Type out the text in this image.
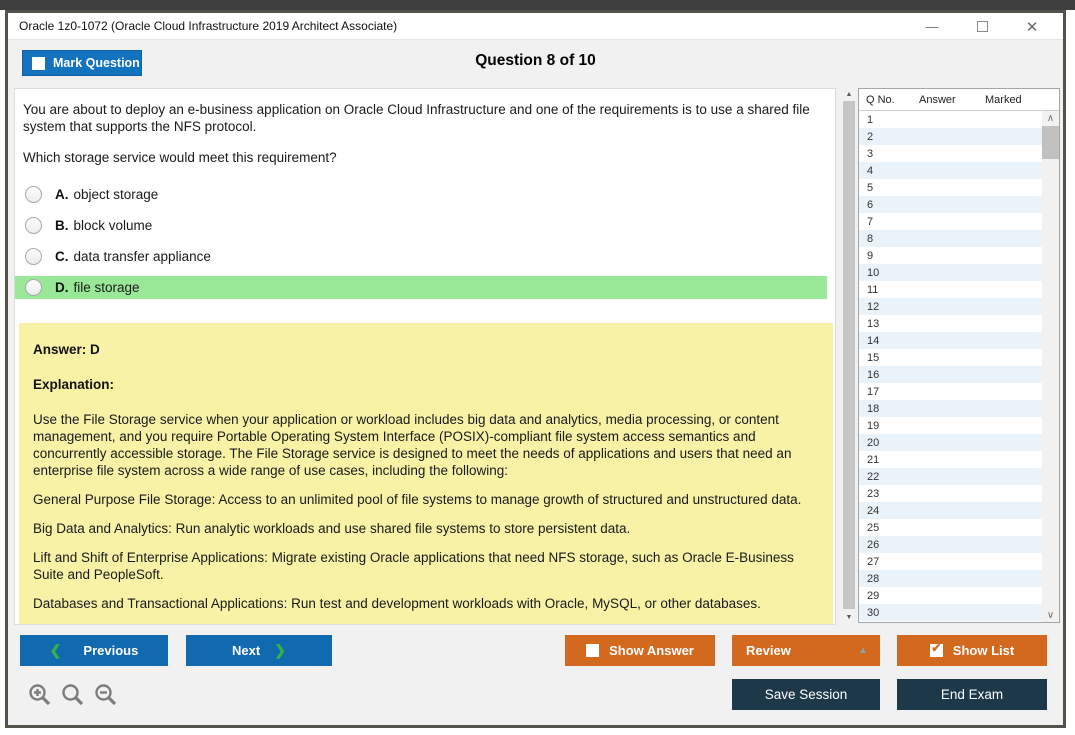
Oracle 1z0-1072 (Oracle Cloud Infrastructure 2019 Architect Associate)	—	✕
Question 8 of 10
Mark Question
You are about to deploy an e-business application on Oracle Cloud Infrastructure and one of the requirements is to use a shared file system that supports the NFS protocol.
Which storage service would meet this requirement?
A. object storage
B. block volume
C. data transfer appliance
D. file storage
Answer: D
Explanation:

Use the File Storage service when your application or workload includes big data and analytics, media processing, or content management, and you require Portable Operating System Interface (POSIX)-compliant file system access semantics and concurrently accessible storage. The File Storage service is designed to meet the needs of applications and users that need an enterprise file system across a wide range of use cases, including the following:

General Purpose File Storage: Access to an unlimited pool of file systems to manage growth of structured and unstructured data.

Big Data and Analytics: Run analytic workloads and use shared file systems to store persistent data.

Lift and Shift of Enterprise Applications: Migrate existing Oracle applications that need NFS storage, such as Oracle E-Business Suite and PeopleSoft.

Databases and Transactional Applications: Run test and development workloads with Oracle, MySQL, or other databases.

▲
▼
Q No.	Answer	Marked
1
2
3
4
5
6
7
8
9
10
11
12
13
14
15
16
17
18
19
20
21
22
23
24
25
26
27
28
29
30
∧
∨
❮ Previous	Next ❯	Show Answer	Review	▲	✔ Show List
Save Session	End Exam
